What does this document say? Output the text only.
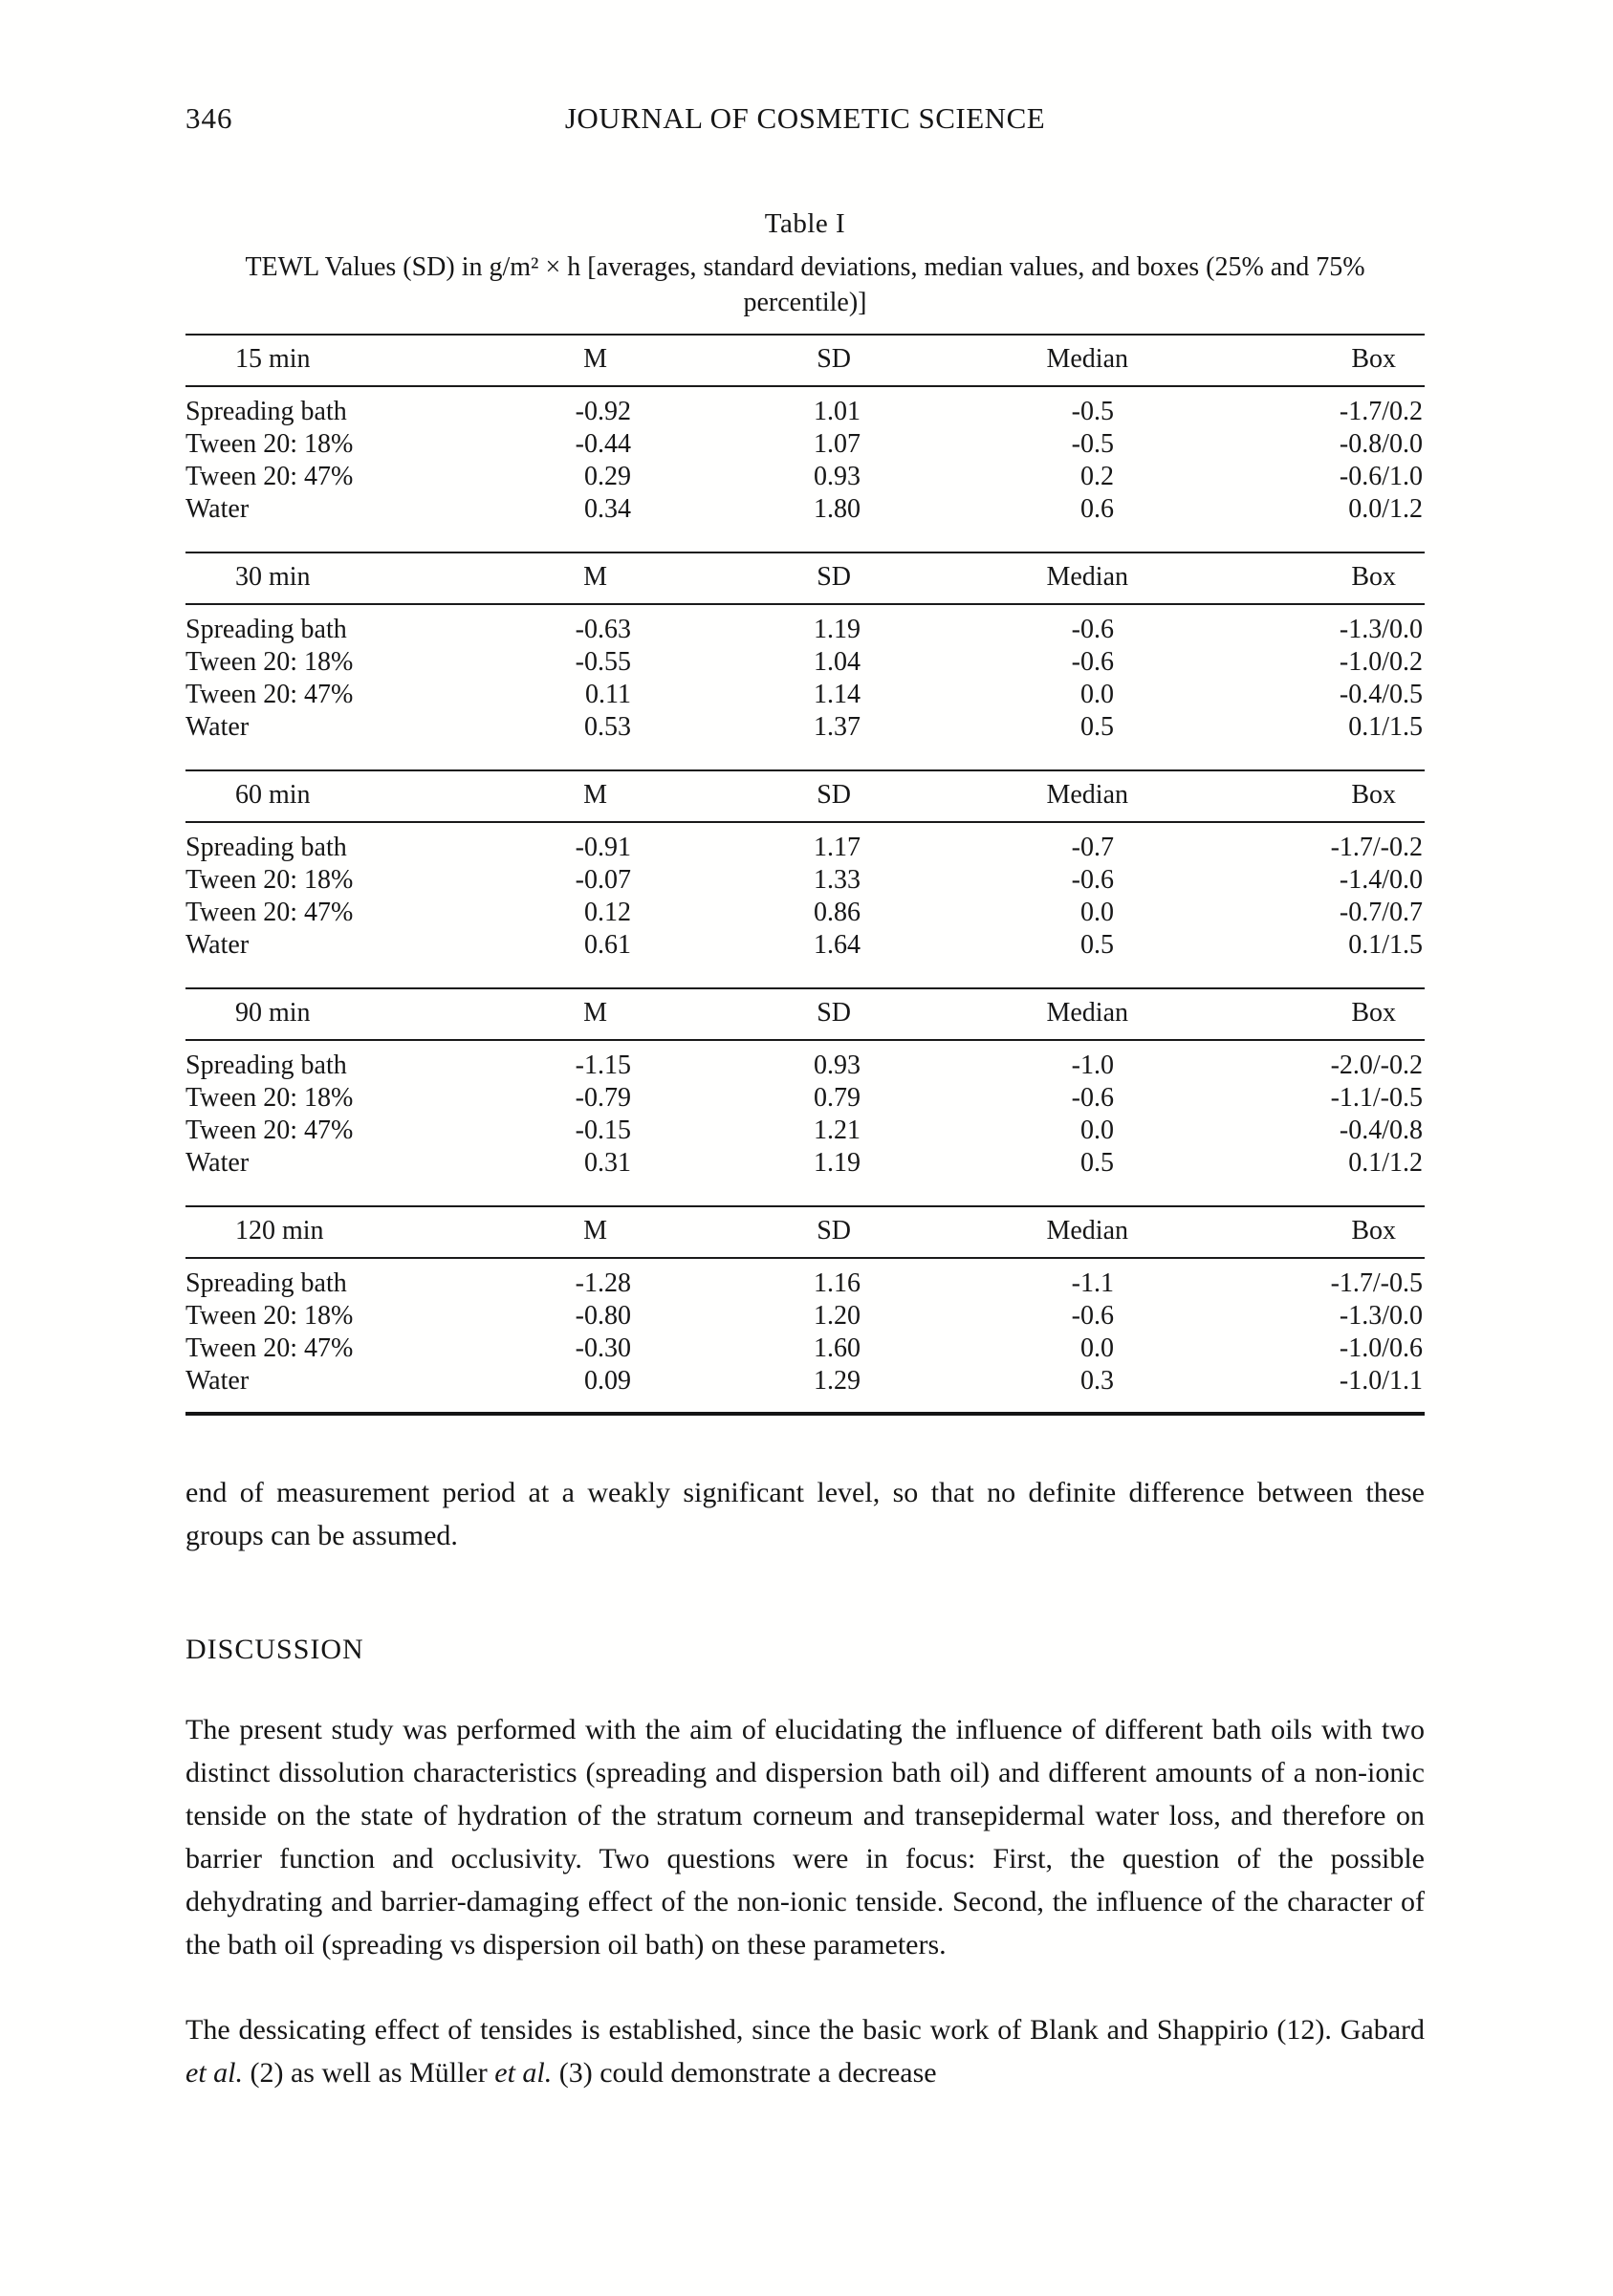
346	JOURNAL OF COSMETIC SCIENCE
Table I
TEWL Values (SD) in g/m² × h [averages, standard deviations, median values, and boxes (25% and 75% percentile)]
15 min	M	SD	Median	Box
Spreading bath	-0.92	1.01	-0.5	-1.7/0.2
Tween 20: 18%	-0.44	1.07	-0.5	-0.8/0.0
Tween 20: 47%	0.29	0.93	0.2	-0.6/1.0
Water	0.34	1.80	0.6	0.0/1.2
30 min	M	SD	Median	Box
Spreading bath	-0.63	1.19	-0.6	-1.3/0.0
Tween 20: 18%	-0.55	1.04	-0.6	-1.0/0.2
Tween 20: 47%	0.11	1.14	0.0	-0.4/0.5
Water	0.53	1.37	0.5	0.1/1.5
60 min	M	SD	Median	Box
Spreading bath	-0.91	1.17	-0.7	-1.7/-0.2
Tween 20: 18%	-0.07	1.33	-0.6	-1.4/0.0
Tween 20: 47%	0.12	0.86	0.0	-0.7/0.7
Water	0.61	1.64	0.5	0.1/1.5
90 min	M	SD	Median	Box
Spreading bath	-1.15	0.93	-1.0	-2.0/-0.2
Tween 20: 18%	-0.79	0.79	-0.6	-1.1/-0.5
Tween 20: 47%	-0.15	1.21	0.0	-0.4/0.8
Water	0.31	1.19	0.5	0.1/1.2
120 min	M	SD	Median	Box
Spreading bath	-1.28	1.16	-1.1	-1.7/-0.5
Tween 20: 18%	-0.80	1.20	-0.6	-1.3/0.0
Tween 20: 47%	-0.30	1.60	0.0	-1.0/0.6
Water	0.09	1.29	0.3	-1.0/1.1

end of measurement period at a weakly significant level, so that no definite difference between these groups can be assumed.

DISCUSSION

The present study was performed with the aim of elucidating the influence of different bath oils with two distinct dissolution characteristics (spreading and dispersion bath oil) and different amounts of a non-ionic tenside on the state of hydration of the stratum corneum and transepidermal water loss, and therefore on barrier function and occlusivity. Two questions were in focus: First, the question of the possible dehydrating and barrier-damaging effect of the non-ionic tenside. Second, the influence of the character of the bath oil (spreading vs dispersion oil bath) on these parameters.

The dessicating effect of tensides is established, since the basic work of Blank and Shappirio (12). Gabard et al. (2) as well as Müller et al. (3) could demonstrate a decrease
